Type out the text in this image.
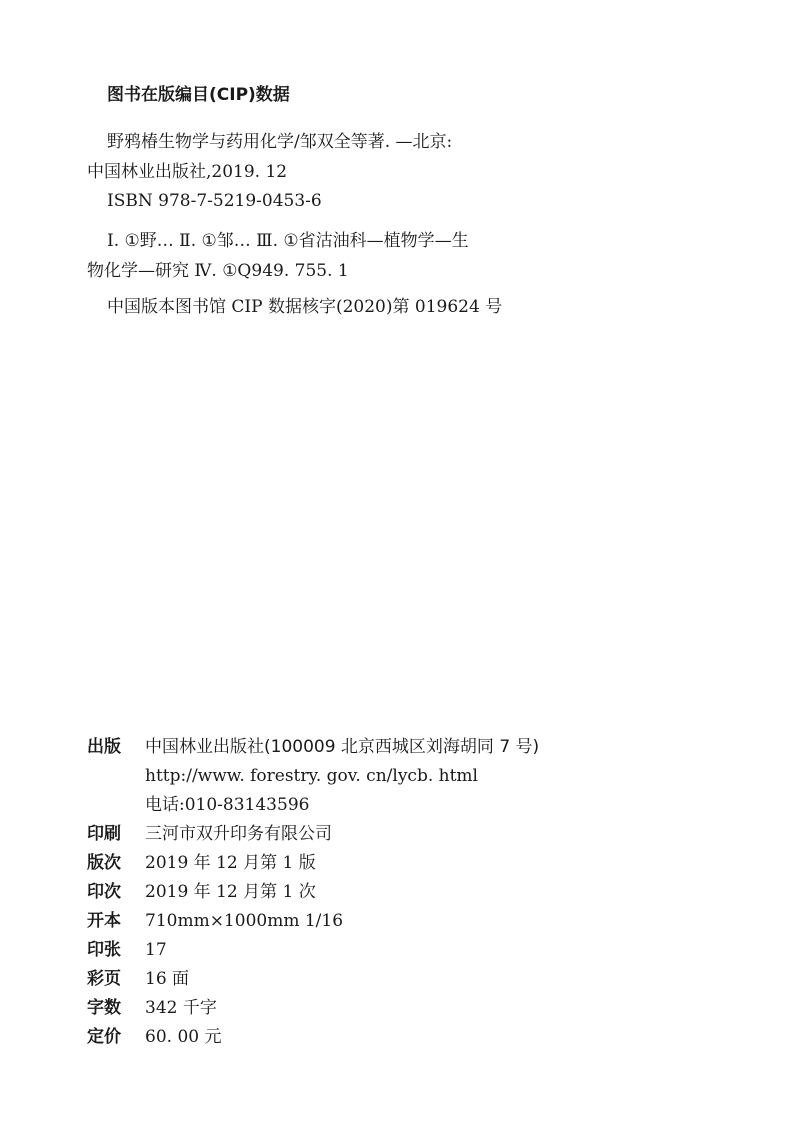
图书在版编目(CIP)数据
野鸦椿生物学与药用化学/邹双全等著. —北京:
中国林业出版社,2019. 12
ISBN 978-7-5219-0453-6
Ⅰ. ①野… Ⅱ. ①邹… Ⅲ. ①省沽油科—植物学—生
物化学—研究 Ⅳ. ①Q949. 755. 1
中国版本图书馆 CIP 数据核字(2020)第 019624 号
出版	中国林业出版社(100009 北京西城区刘海胡同 7 号)
http://www. forestry. gov. cn/lycb. html
电话:010-83143596
印刷	三河市双升印务有限公司
版次	2019 年 12 月第 1 版
印次	2019 年 12 月第 1 次
开本	710mm×1000mm 1/16
印张	17
彩页	16 面
字数	342 千字
定价	60. 00 元
